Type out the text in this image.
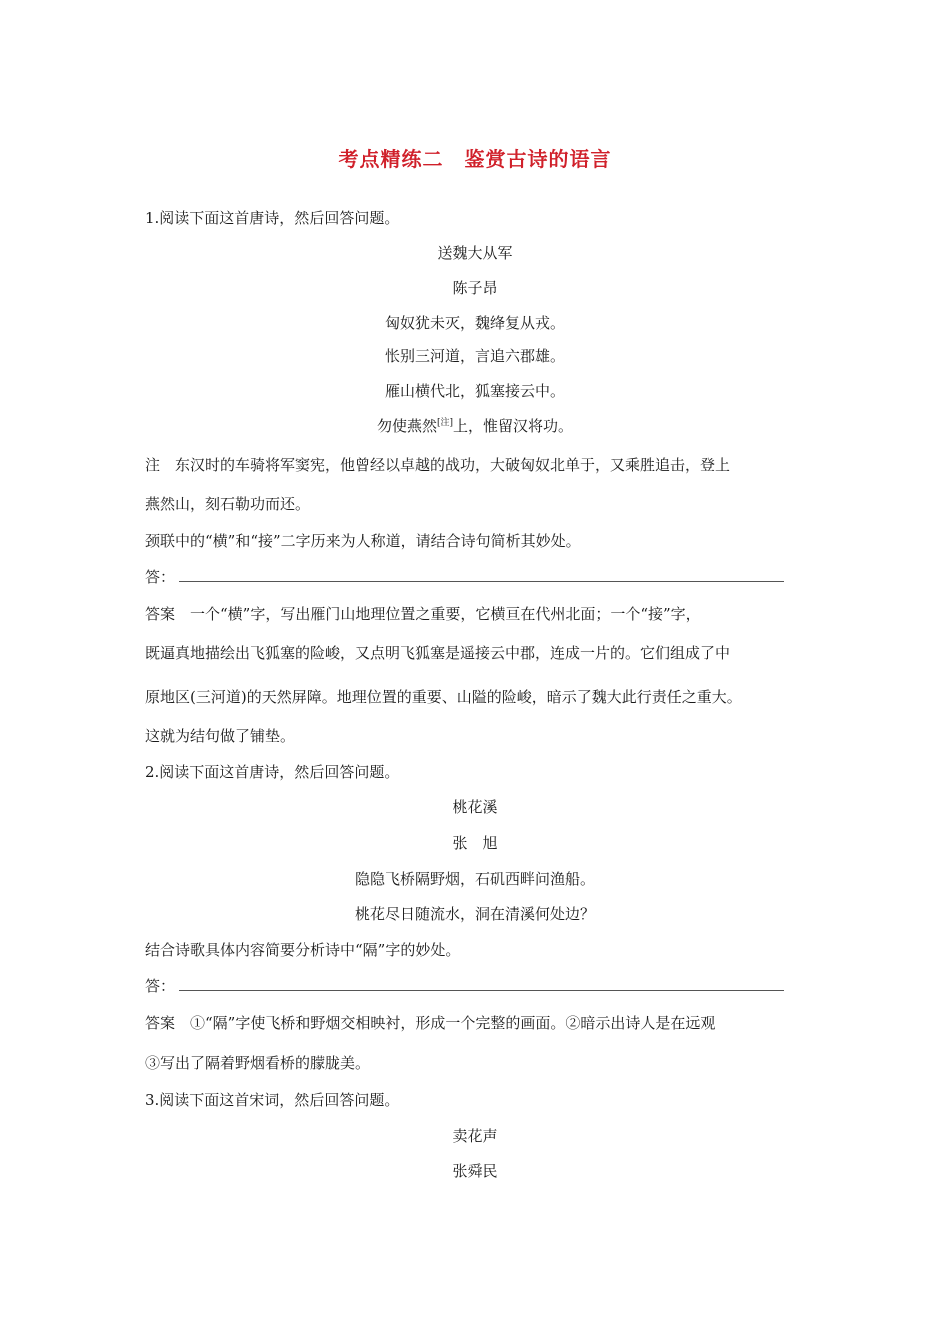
考点精练二　鉴赏古诗的语言
1.阅读下面这首唐诗，然后回答问题。
送魏大从军
陈子昂
匈奴犹未灭，魏绛复从戎。
怅别三河道，言追六郡雄。
雁山横代北，狐塞接云中。
勿使燕然[注]上，惟留汉将功。
注　东汉时的车骑将军窦宪，他曾经以卓越的战功，大破匈奴北单于，又乘胜追击，登上
燕然山，刻石勒功而还。
颈联中的“横”和“接”二字历来为人称道，请结合诗句简析其妙处。
答：
答案　一个“横”字，写出雁门山地理位置之重要，它横亘在代州北面；一个“接”字，
既逼真地描绘出飞狐塞的险峻，又点明飞狐塞是遥接云中郡，连成一片的。它们组成了中
原地区(三河道)的天然屏障。地理位置的重要、山隘的险峻，暗示了魏大此行责任之重大。
这就为结句做了铺垫。
2.阅读下面这首唐诗，然后回答问题。
桃花溪
张　旭
隐隐飞桥隔野烟，石矶西畔问渔船。
桃花尽日随流水，洞在清溪何处边？
结合诗歌具体内容简要分析诗中“隔”字的妙处。
答：
答案　①“隔”字使飞桥和野烟交相映衬，形成一个完整的画面。②暗示出诗人是在远观
③写出了隔着野烟看桥的朦胧美。
3.阅读下面这首宋词，然后回答问题。
卖花声
张舜民
